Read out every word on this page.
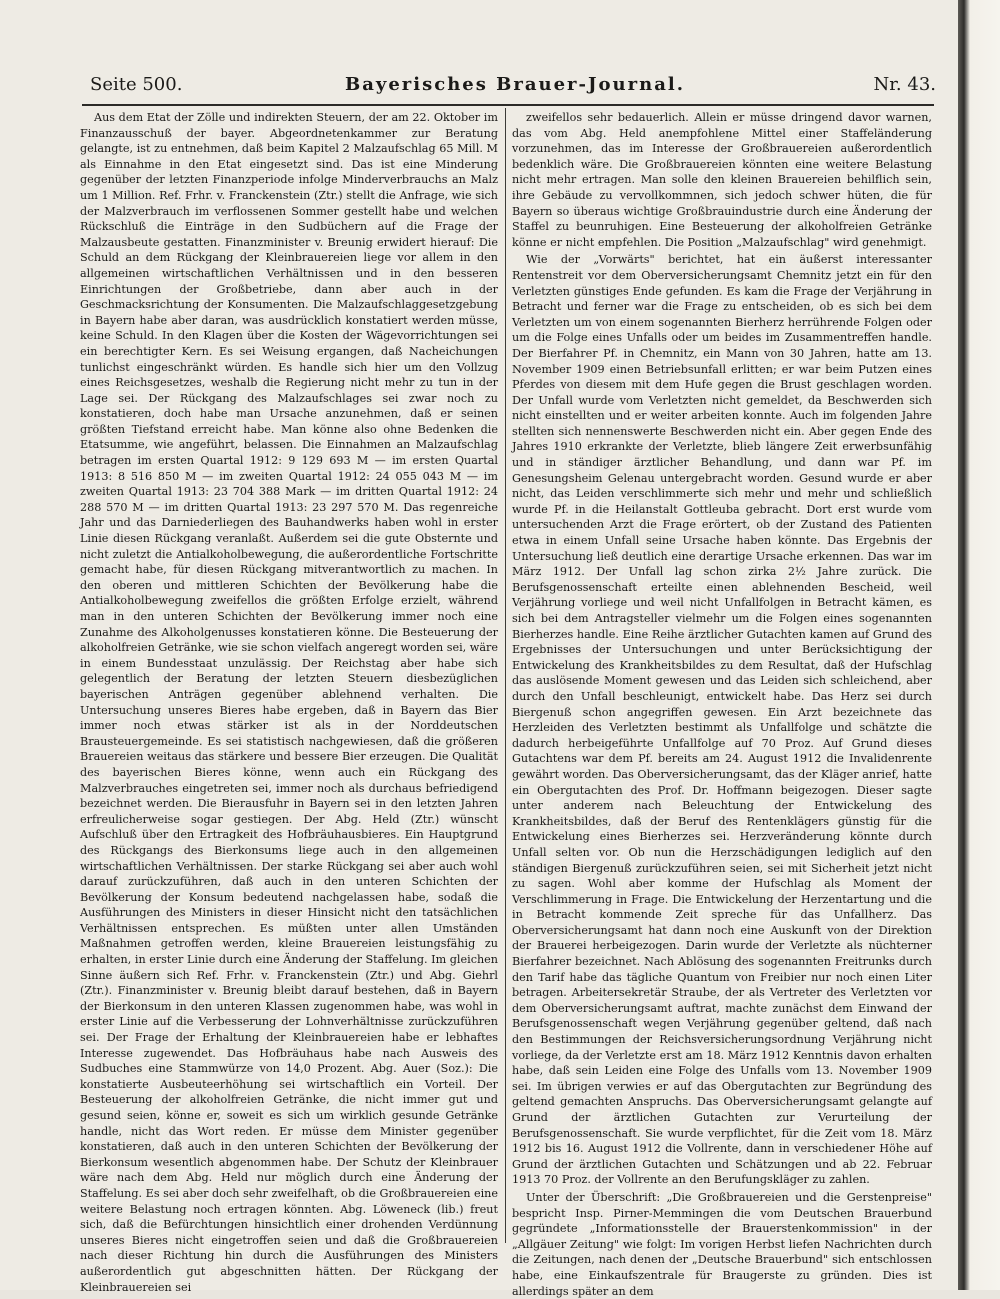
Seite 500.	Bayerisches Brauer-Journal.	Nr. 43.

Aus dem Etat der Zölle und indirekten Steuern, der am 22. Oktober im Finanzausschuß der bayer. Abgeordnetenkammer zur Beratung gelangte, ist zu entnehmen, daß beim Kapitel 2 Malzaufschlag 65 Mill. M als Einnahme in den Etat eingesetzt sind. Das ist eine Minderung gegenüber der letzten Finanzperiode infolge Minderverbrauchs an Malz um 1 Million. Ref. Frhr. v. Franckenstein (Ztr.) stellt die Anfrage, wie sich der Malzverbrauch im verflossenen Sommer gestellt habe und welchen Rückschluß die Einträge in den Sudbüchern auf die Frage der Malzausbeute gestatten. Finanzminister v. Breunig erwidert hierauf: Die Schuld an dem Rückgang der Kleinbrauereien liege vor allem in den allgemeinen wirtschaftlichen Verhältnissen und in den besseren Einrichtungen der Großbetriebe, dann aber auch in der Geschmacksrichtung der Konsumenten. Die Malzaufschlaggesetzgebung in Bayern habe aber daran, was ausdrücklich konstatiert werden müsse, keine Schuld. In den Klagen über die Kosten der Wägevorrichtungen sei ein berechtigter Kern. Es sei Weisung ergangen, daß Nacheichungen tunlichst eingeschränkt würden. Es handle sich hier um den Vollzug eines Reichsgesetzes, weshalb die Regierung nicht mehr zu tun in der Lage sei. Der Rückgang des Malzaufschlages sei zwar noch zu konstatieren, doch habe man Ursache anzunehmen, daß er seinen größten Tiefstand erreicht habe. Man könne also ohne Bedenken die Etatsumme, wie angeführt, belassen. Die Einnahmen an Malzaufschlag betragen im ersten Quartal 1912: 9 129 693 M — im ersten Quartal 1913: 8 516 850 M — im zweiten Quartal 1912: 24 055 043 M — im zweiten Quartal 1913: 23 704 388 Mark — im dritten Quartal 1912: 24 288 570 M — im dritten Quartal 1913: 23 297 570 M. Das regenreiche Jahr und das Darniederliegen des Bauhandwerks haben wohl in erster Linie diesen Rückgang veranlaßt. Außerdem sei die gute Obsternte und nicht zuletzt die Antialkoholbewegung, die außerordentliche Fortschritte gemacht habe, für diesen Rückgang mitverantwortlich zu machen. In den oberen und mittleren Schichten der Bevölkerung habe die Antialkoholbewegung zweifellos die größten Erfolge erzielt, während man in den unteren Schichten der Bevölkerung immer noch eine Zunahme des Alkoholgenusses konstatieren könne. Die Besteuerung der alkoholfreien Getränke, wie sie schon vielfach angeregt worden sei, wäre in einem Bundesstaat unzulässig. Der Reichstag aber habe sich gelegentlich der Beratung der letzten Steuern diesbezüglichen bayerischen Anträgen gegenüber ablehnend verhalten. Die Untersuchung unseres Bieres habe ergeben, daß in Bayern das Bier immer noch etwas stärker ist als in der Norddeutschen Brausteuergemeinde. Es sei statistisch nachgewiesen, daß die größeren Brauereien weitaus das stärkere und bessere Bier erzeugen. Die Qualität des bayerischen Bieres könne, wenn auch ein Rückgang des Malzverbrauches eingetreten sei, immer noch als durchaus befriedigend bezeichnet werden. Die Bierausfuhr in Bayern sei in den letzten Jahren erfreulicherweise sogar gestiegen. Der Abg. Held (Ztr.) wünscht Aufschluß über den Ertragkeit des Hofbräuhausbieres. Ein Hauptgrund des Rückgangs des Bierkonsums liege auch in den allgemeinen wirtschaftlichen Verhältnissen. Der starke Rückgang sei aber auch wohl darauf zurückzuführen, daß auch in den unteren Schichten der Bevölkerung der Konsum bedeutend nachgelassen habe, sodaß die Ausführungen des Ministers in dieser Hinsicht nicht den tatsächlichen Verhältnissen entsprechen. Es müßten unter allen Umständen Maßnahmen getroffen werden, kleine Brauereien leistungsfähig zu erhalten, in erster Linie durch eine Änderung der Staffelung. Im gleichen Sinne äußern sich Ref. Frhr. v. Franckenstein (Ztr.) und Abg. Giehrl (Ztr.). Finanzminister v. Breunig bleibt darauf bestehen, daß in Bayern der Bierkonsum in den unteren Klassen zugenommen habe, was wohl in erster Linie auf die Verbesserung der Lohnverhältnisse zurückzuführen sei. Der Frage der Erhaltung der Kleinbrauereien habe er lebhaftes Interesse zugewendet. Das Hofbräuhaus habe nach Ausweis des Sudbuches eine Stammwürze von 14,0 Prozent. Abg. Auer (Soz.): Die konstatierte Ausbeuteerhöhung sei wirtschaftlich ein Vorteil. Der Besteuerung der alkoholfreien Getränke, die nicht immer gut und gesund seien, könne er, soweit es sich um wirklich gesunde Getränke handle, nicht das Wort reden. Er müsse dem Minister gegenüber konstatieren, daß auch in den unteren Schichten der Bevölkerung der Bierkonsum wesentlich abgenommen habe. Der Schutz der Kleinbrauer wäre nach dem Abg. Held nur möglich durch eine Änderung der Staffelung. Es sei aber doch sehr zweifelhaft, ob die Großbrauereien eine weitere Belastung noch ertragen könnten. Abg. Löweneck (lib.) freut sich, daß die Befürchtungen hinsichtlich einer drohenden Verdünnung unseres Bieres nicht eingetroffen seien und daß die Großbrauereien nach dieser Richtung hin durch die Ausführungen des Ministers außerordentlich gut abgeschnitten hätten. Der Rückgang der Kleinbrauereien sei

zweifellos sehr bedauerlich. Allein er müsse dringend davor warnen, das vom Abg. Held anempfohlene Mittel einer Staffeländerung vorzunehmen, das im Interesse der Großbrauereien außerordentlich bedenklich wäre. Die Großbrauereien könnten eine weitere Belastung nicht mehr ertragen. Man solle den kleinen Brauereien behilflich sein, ihre Gebäude zu vervollkommnen, sich jedoch schwer hüten, die für Bayern so überaus wichtige Großbrauindustrie durch eine Änderung der Staffel zu beunruhigen. Eine Besteuerung der alkoholfreien Getränke könne er nicht empfehlen. Die Position „Malzaufschlag" wird genehmigt.

Wie der „Vorwärts" berichtet, hat ein äußerst interessanter Rentenstreit vor dem Oberversicherungsamt Chemnitz jetzt ein für den Verletzten günstiges Ende gefunden. Es kam die Frage der Verjährung in Betracht und ferner war die Frage zu entscheiden, ob es sich bei dem Verletzten um von einem sogenannten Bierherz herrührende Folgen oder um die Folge eines Unfalls oder um beides im Zusammentreffen handle. Der Bierfahrer Pf. in Chemnitz, ein Mann von 30 Jahren, hatte am 13. November 1909 einen Betriebsunfall erlitten; er war beim Putzen eines Pferdes von diesem mit dem Hufe gegen die Brust geschlagen worden. Der Unfall wurde vom Verletzten nicht gemeldet, da Beschwerden sich nicht einstellten und er weiter arbeiten konnte. Auch im folgenden Jahre stellten sich nennenswerte Beschwerden nicht ein. Aber gegen Ende des Jahres 1910 erkrankte der Verletzte, blieb längere Zeit erwerbsunfähig und in ständiger ärztlicher Behandlung, und dann war Pf. im Genesungsheim Gelenau untergebracht worden. Gesund wurde er aber nicht, das Leiden verschlimmerte sich mehr und mehr und schließlich wurde Pf. in die Heilanstalt Gottleuba gebracht. Dort erst wurde vom untersuchenden Arzt die Frage erörtert, ob der Zustand des Patienten etwa in einem Unfall seine Ursache haben könnte. Das Ergebnis der Untersuchung ließ deutlich eine derartige Ursache erkennen. Das war im März 1912. Der Unfall lag schon zirka 2½ Jahre zurück. Die Berufsgenossenschaft erteilte einen ablehnenden Bescheid, weil Verjährung vorliege und weil nicht Unfallfolgen in Betracht kämen, es sich bei dem Antragsteller vielmehr um die Folgen eines sogenannten Bierherzes handle. Eine Reihe ärztlicher Gutachten kamen auf Grund des Ergebnisses der Untersuchungen und unter Berücksichtigung der Entwickelung des Krankheitsbildes zu dem Resultat, daß der Hufschlag das auslösende Moment gewesen und das Leiden sich schleichend, aber durch den Unfall beschleunigt, entwickelt habe. Das Herz sei durch Biergenuß schon angegriffen gewesen. Ein Arzt bezeichnete das Herzleiden des Verletzten bestimmt als Unfallfolge und schätzte die dadurch herbeigeführte Unfallfolge auf 70 Proz. Auf Grund dieses Gutachtens war dem Pf. bereits am 24. August 1912 die Invalidenrente gewährt worden. Das Oberversicherungsamt, das der Kläger anrief, hatte ein Obergutachten des Prof. Dr. Hoffmann beigezogen. Dieser sagte unter anderem nach Beleuchtung der Entwickelung des Krankheitsbildes, daß der Beruf des Rentenklägers günstig für die Entwickelung eines Bierherzes sei. Herzveränderung könnte durch Unfall selten vor. Ob nun die Herzschädigungen lediglich auf den ständigen Biergenuß zurückzuführen seien, sei mit Sicherheit jetzt nicht zu sagen. Wohl aber komme der Hufschlag als Moment der Verschlimmerung in Frage. Die Entwickelung der Herzentartung und die in Betracht kommende Zeit spreche für das Unfallherz. Das Oberversicherungsamt hat dann noch eine Auskunft von der Direktion der Brauerei herbeigezogen. Darin wurde der Verletzte als nüchterner Bierfahrer bezeichnet. Nach Ablösung des sogenannten Freitrunks durch den Tarif habe das tägliche Quantum von Freibier nur noch einen Liter betragen. Arbeitersekretär Straube, der als Vertreter des Verletzten vor dem Oberversicherungsamt auftrat, machte zunächst dem Einwand der Berufsgenossenschaft wegen Verjährung gegenüber geltend, daß nach den Bestimmungen der Reichsversicherungsordnung Verjährung nicht vorliege, da der Verletzte erst am 18. März 1912 Kenntnis davon erhalten habe, daß sein Leiden eine Folge des Unfalls vom 13. November 1909 sei. Im übrigen verwies er auf das Obergutachten zur Begründung des geltend gemachten Anspruchs. Das Oberversicherungsamt gelangte auf Grund der ärztlichen Gutachten zur Verurteilung der Berufsgenossenschaft. Sie wurde verpflichtet, für die Zeit vom 18. März 1912 bis 16. August 1912 die Vollrente, dann in verschiedener Höhe auf Grund der ärztlichen Gutachten und Schätzungen und ab 22. Februar 1913 70 Proz. der Vollrente an den Berufungskläger zu zahlen.

Unter der Überschrift: „Die Großbrauereien und die Gerstenpreise" bespricht Insp. Pirner-Memmingen die vom Deutschen Brauerbund gegründete „Informationsstelle der Brauerstenkommission" in der „Allgäuer Zeitung" wie folgt: Im vorigen Herbst liefen Nachrichten durch die Zeitungen, nach denen der „Deutsche Brauerbund" sich entschlossen habe, eine Einkaufszentrale für Braugerste zu gründen. Dies ist allerdings später an dem
